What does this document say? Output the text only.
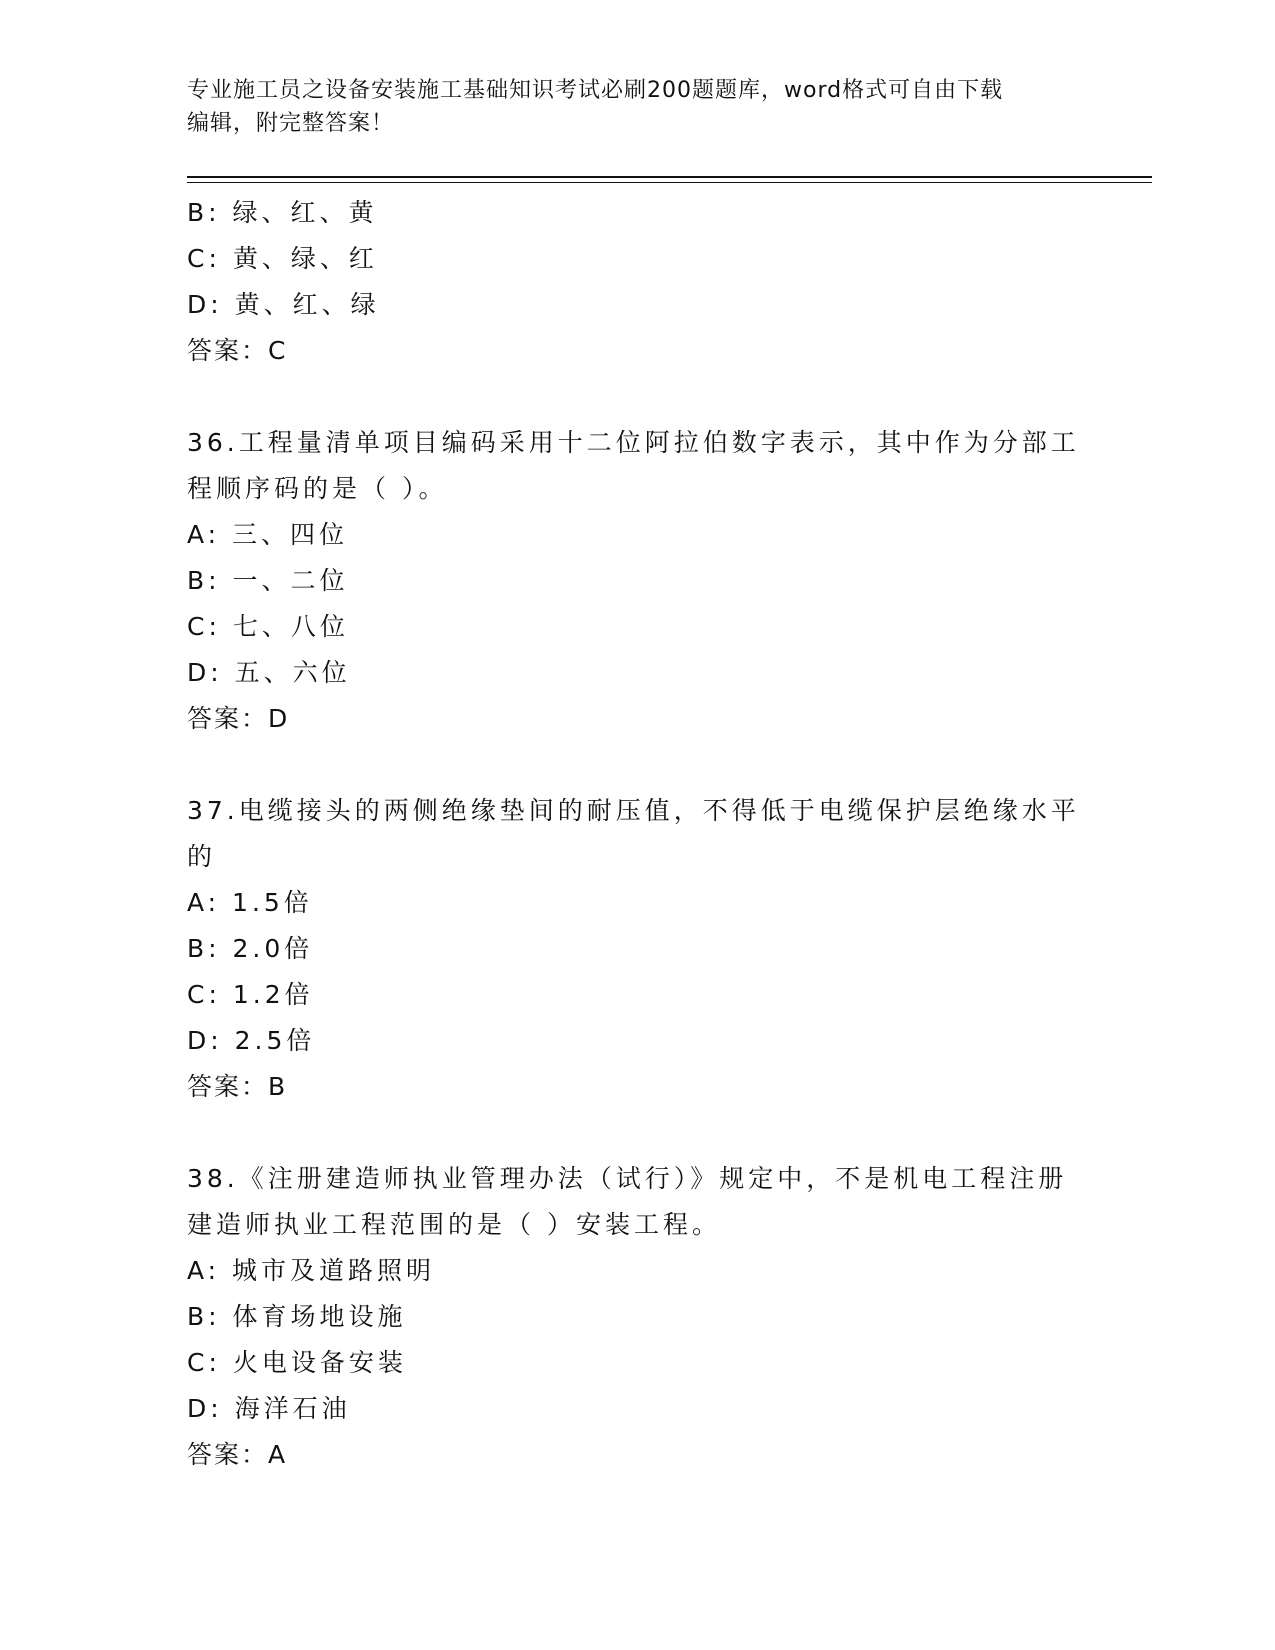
专业施工员之设备安装施工基础知识考试必刷200题题库，word格式可自由下载
编辑，附完整答案！
B: 绿、红、黄
C: 黄、绿、红
D: 黄、红、绿
答案：C
36.工程量清单项目编码采用十二位阿拉伯数字表示，其中作为分部工
程顺序码的是（ ）。
A: 三、四位
B: 一、二位
C: 七、八位
D: 五、六位
答案：D
37.电缆接头的两侧绝缘垫间的耐压值，不得低于电缆保护层绝缘水平
的
A: 1.5倍
B: 2.0倍
C: 1.2倍
D: 2.5倍
答案：B
38.《注册建造师执业管理办法（试行）》规定中，不是机电工程注册
建造师执业工程范围的是（ ）安装工程。
A: 城市及道路照明
B: 体育场地设施
C: 火电设备安装
D: 海洋石油
答案：A
